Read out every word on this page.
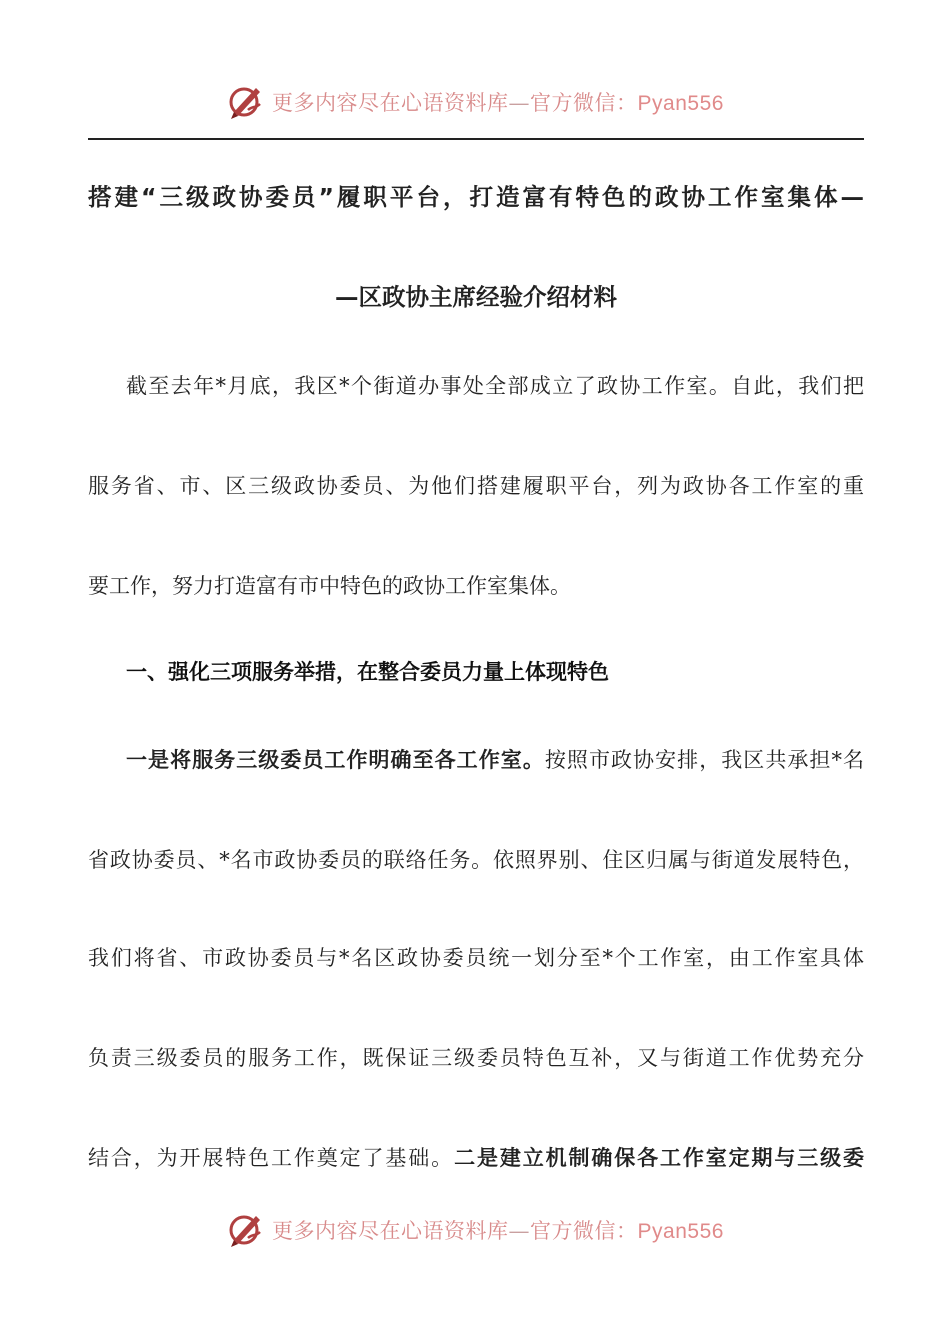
更多内容尽在心语资料库—官方微信：Pyan556
搭建“三级政协委员”履职平台，打造富有特色的政协工作室集体—
—区政协主席经验介绍材料
截至去年*月底，我区*个街道办事处全部成立了政协工作室。自此，我们把
服务省、市、区三级政协委员、为他们搭建履职平台，列为政协各工作室的重
要工作，努力打造富有市中特色的政协工作室集体。
一、强化三项服务举措，在整合委员力量上体现特色
一是将服务三级委员工作明确至各工作室。按照市政协安排，我区共承担*名
省政协委员、*名市政协委员的联络任务。依照界别、住区归属与街道发展特色，
我们将省、市政协委员与*名区政协委员统一划分至*个工作室，由工作室具体
负责三级委员的服务工作，既保证三级委员特色互补，又与街道工作优势充分
结合，为开展特色工作奠定了基础。二是建立机制确保各工作室定期与三级委
更多内容尽在心语资料库—官方微信：Pyan556
